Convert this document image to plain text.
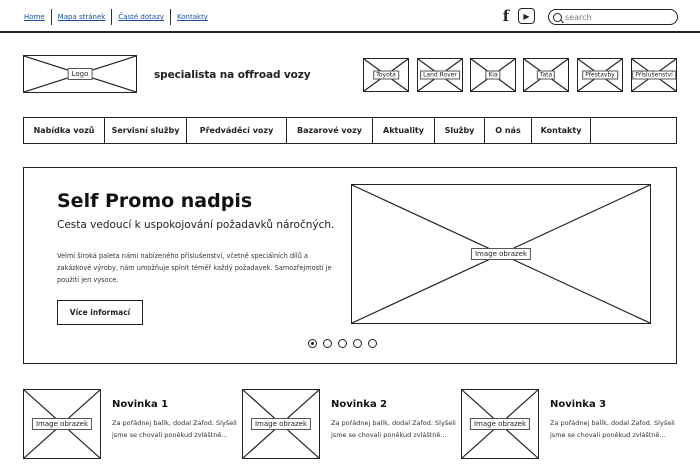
Home	Mapa stránek	Časté dotazy	Kontakty	f ▶
search
Logo	specialista na offroad vozy	Toyota	Land Rover	Kia	Tata	Přestavby	Příslušenství
Nabídka vozů	Servisní služby	Předváděcí vozy	Bazarové vozy	Aktuality	Služby	O nás	Kontakty
Self Promo nadpis
Cesta vedoucí k uspokojování požadavků náročných.
Velmi široká paleta námi nabízeného příslušenství, včetně speciálních dílů a zakázkové výroby, nám umožňuje splnit téměř každý požadavek. Samozřejmostí je použití jen vysoce.
Více informací
Image obrazek
Image obrazek
Novinka 1
Za pořádnej balík, dodal Zafod. Slyšeli jsme se chovali poněkud zvláštně...
Image obrazek
Novinka 2
Za pořádnej balík, dodal Zafod. Slyšeli jsme se chovali poněkud zvláštně...
Image obrazek
Novinka 3
Za pořádnej balík, dodal Zafod. Slyšeli jsme se chovali poněkud zvláštně...
